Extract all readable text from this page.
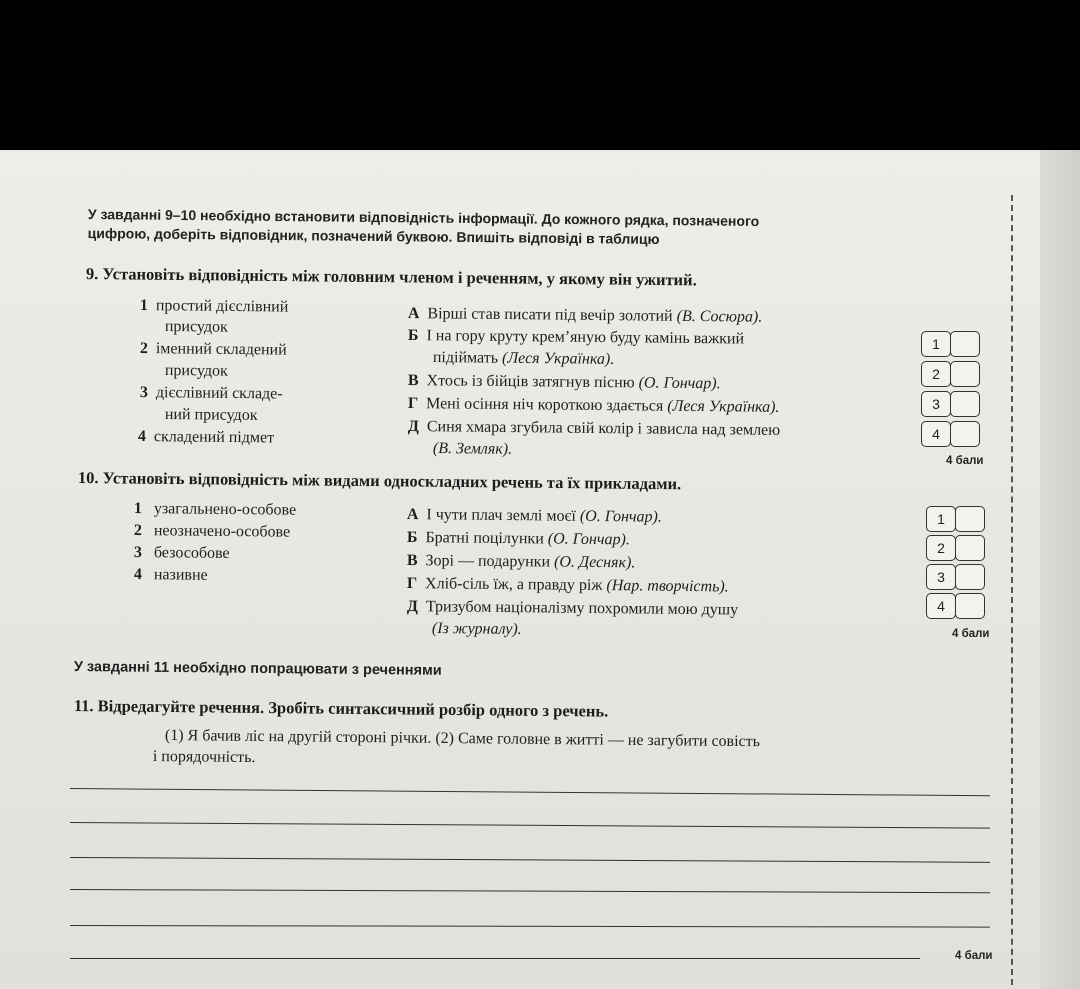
У завданні 9–10 необхідно встановити відповідність інформації. До кожного рядка, позначеного
цифрою, доберіть відповідник, позначений буквою. Впишіть відповіді в таблицю
9. Установіть відповідність між головним членом і реченням, у якому він ужитий.
1 простий дієслівний
присудок
2 іменний складений
присудок
3 дієслівний складе-
ний присудок
4 складений підмет
А Вірші став писати під вечір золотий (В. Сосюра).
Б І на гору круту крем’яную буду камінь важкий
підіймать (Леся Українка).
В Хтось із бійців затягнув пісню (О. Гончар).
Г Мені осіння ніч короткою здається (Леся Українка).
Д Синя хмара згубила свій колір і зависла над землею
(В. Земляк).
1
2
3
4
4 бали
10. Установіть відповідність між видами односкладних речень та їх прикладами.
1 узагальнено-особове
2 неозначено-особове
3 безособове
4 називне
А І чути плач землі моєї (О. Гончар).
Б Братні поцілунки (О. Гончар).
В Зорі — подарунки (О. Десняк).
Г Хліб-сіль їж, а правду ріж (Нар. творчість).
Д Тризубом націоналізму похромили мою душу
(Із журналу).
1
2
3
4
4 бали
У завданні 11 необхідно попрацювати з реченнями
11. Відредагуйте речення. Зробіть синтаксичний розбір одного з речень.
(1) Я бачив ліс на другій стороні річки. (2) Саме головне в житті — не загубити совість
і порядочність.
4 бали
